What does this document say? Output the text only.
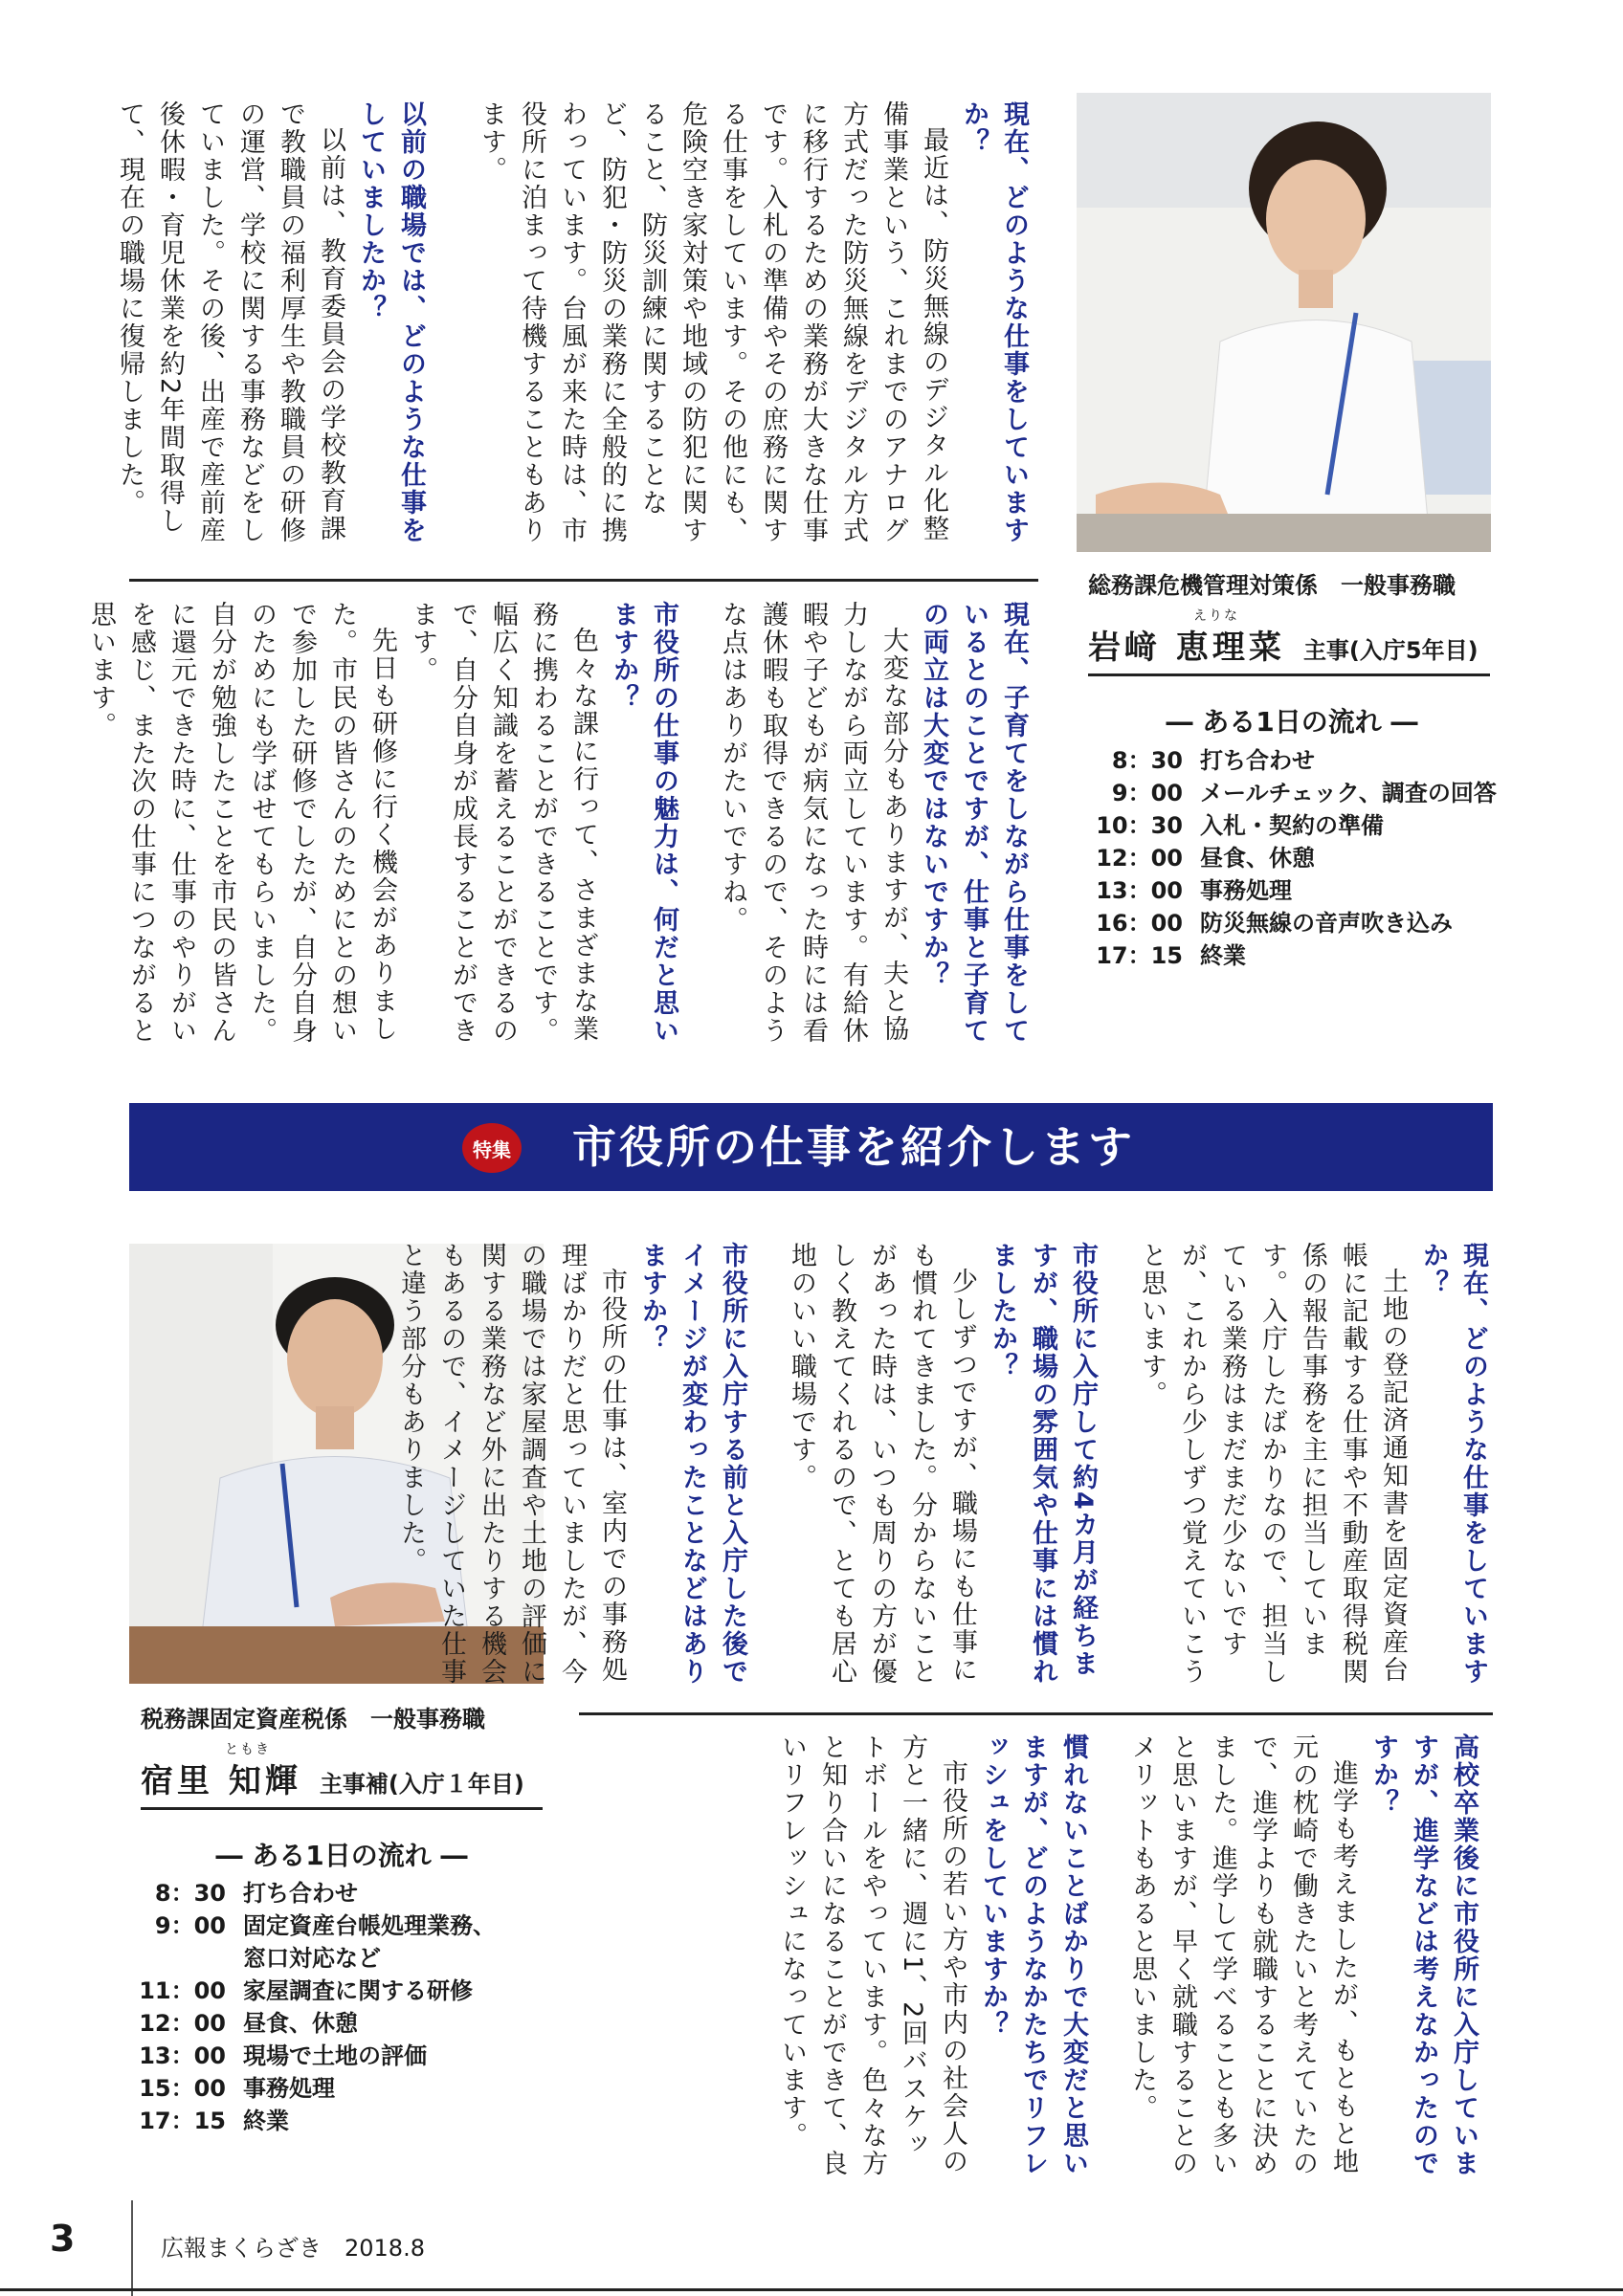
総務課危機管理対策係　一般事務職
えりな
岩﨑 恵理菜 主事(入庁5年目)
― ある1日の流れ ―
8：30 打ち合わせ
9：00 メールチェック、調査の回答
10：30 入札・契約の準備
12：00 昼食、休憩
13：00 事務処理
16：00 防災無線の音声吹き込み
17：15 終業
現在、どのような仕事をしていますか？

最近は、防災無線のデジタル化整備事業という、これまでのアナログ方式だった防災無線をデジタル方式に移行するための業務が大きな仕事です。入札の準備やその庶務に関する仕事をしています。その他にも、危険空き家対策や地域の防犯に関すること、防災訓練に関することなど、防犯・防災の業務に全般的に携わっています。台風が来た時は、市役所に泊まって待機することもあります。

以前の職場では、どのような仕事をしていましたか？

以前は、教育委員会の学校教育課で教職員の福利厚生や教職員の研修の運営、学校に関する事務などをしていました。その後、出産で産前産後休暇・育児休業を約2年間取得して、現在の職場に復帰しました。

現在、子育てをしながら仕事をしているとのことですが、仕事と子育ての両立は大変ではないですか？

大変な部分もありますが、夫と協力しながら両立しています。有給休暇や子どもが病気になった時には看護休暇も取得できるので、そのような点はありがたいですね。

市役所の仕事の魅力は、何だと思いますか？

色々な課に行って、さまざまな業務に携わることができることです。幅広く知識を蓄えることができるので、自分自身が成長することができます。

先日も研修に行く機会がありました。市民の皆さんのためにとの想いで参加した研修でしたが、自分自身のためにも学ばせてもらいました。自分が勉強したことを市民の皆さんに還元できた時に、仕事のやりがいを感じ、また次の仕事につながると思います。

特集 市役所の仕事を紹介します
税務課固定資産税係　一般事務職
ともき
宿里 知輝 主事補(入庁１年目)
― ある1日の流れ ―
8：30 打ち合わせ
9：00 固定資産台帳処理業務、
窓口対応など
11：00 家屋調査に関する研修
12：00 昼食、休憩
13：00 現場で土地の評価
15：00 事務処理
17：15 終業
現在、どのような仕事をしていますか？

土地の登記済通知書を固定資産台帳に記載する仕事や不動産取得税関係の報告事務を主に担当しています。入庁したばかりなので、担当している業務はまだまだ少ないですが、これから少しずつ覚えていこうと思います。

市役所に入庁して約4カ月が経ちますが、職場の雰囲気や仕事には慣れましたか？

少しずつですが、職場にも仕事にも慣れてきました。分からないことがあった時は、いつも周りの方が優しく教えてくれるので、とても居心地のいい職場です。

市役所に入庁する前と入庁した後でイメージが変わったことなどはありますか？

市役所の仕事は、室内での事務処理ばかりだと思っていましたが、今の職場では家屋調査や土地の評価に関する業務など外に出たりする機会もあるので、イメージしていた仕事と違う部分もありました。

高校卒業後に市役所に入庁していますが、進学などは考えなかったのですか？

進学も考えましたが、もともと地元の枕崎で働きたいと考えていたので、進学よりも就職することに決めました。進学して学べることも多いと思いますが、早く就職することのメリットもあると思いました。

慣れないことばかりで大変だと思いますが、どのようなかたちでリフレッシュをしていますか？

市役所の若い方や市内の社会人の方と一緒に、週に1、2回バスケットボールをやっています。色々な方と知り合いになることができて、良いリフレッシュになっています。

3	広報まくらざき　2018.8
